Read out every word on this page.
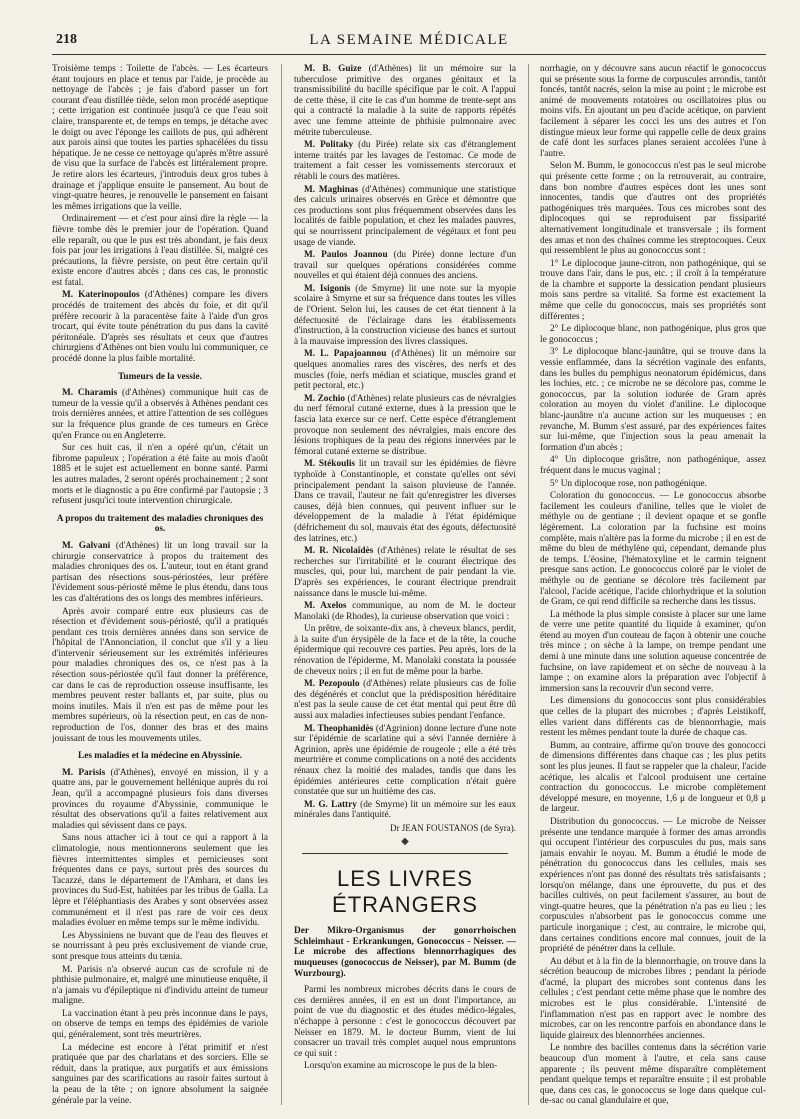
218	LA SEMAINE MÉDICALE

Troisième temps : Toilette de l'abcès. — Les écarteurs étant toujours en place et tenus par l'aide, je procède au nettoyage de l'abcès ; je fais d'abord passer un fort courant d'eau distillée tiède, selon mon procédé aseptique ; cette irrigation est continuée jusqu'à ce que l'eau soit claire, transparente et, de temps en temps, je détache avec le doigt ou avec l'éponge les caillots de pus, qui adhèrent aux parois ainsi que toutes les parties sphacélées du tissu hépatique. Je ne cesse ce nettoyage qu'après m'être assuré de visu que la surface de l'abcès est littéralement propre. Je retire alors les écarteurs, j'introduis deux gros tubes à drainage et j'applique ensuite le pansement. Au bout de vingt-quatre heures, je renouvelle le pansement en faisant les mêmes irrigations que la veille.

Ordinairement — et c'est pour ainsi dire la règle — la fièvre tombe dès le premier jour de l'opération. Quand elle reparaît, ou que le pus est très abondant, je fais deux fois par jour les irrigations à l'eau distillée. Si, malgré ces précautions, la fièvre persiste, on peut être certain qu'il existe encore d'autres abcès ; dans ces cas, le pronostic est fatal.

M. Katerinopoulos (d'Athènes) compare les divers procédés de traitement des abcès du foie, et dit qu'il préfère recourir à la paracentèse faite à l'aide d'un gros trocart, qui évite toute pénétration du pus dans la cavité péritonéale. D'après ses résultats et ceux que d'autres chirurgiens d'Athènes ont bien voulu lui communiquer, ce procédé donne la plus faible mortalité.

Tumeurs de la vessie.

M. Charamis (d'Athènes) communique huit cas de tumeur de la vessie qu'il a observés à Athènes pendant ces trois dernières années, et attire l'attention de ses collègues sur la fréquence plus grande de ces tumeurs en Grèce qu'en France ou en Angleterre.

Sur ces huit cas, il n'en a opéré qu'un, c'était un fibrome papuleux ; l'opération a été faite au mois d'août 1885 et le sujet est actuellement en bonne santé. Parmi les autres malades, 2 seront opérés prochainement ; 2 sont morts et le diagnostic a pu être confirmé par l'autopsie ; 3 refusent jusqu'ici toute intervention chirurgicale.

A propos du traitement des maladies chroniques des os.

M. Galvani (d'Athènes) lit un long travail sur la chirurgie conservatrice à propos du traitement des maladies chroniques des os. L'auteur, tout en étant grand partisan des résections sous-périostées, leur préfère l'évidement sous-périosté même le plus étendu, dans tous les cas d'altérations des os longs des membres inférieurs.

Après avoir comparé entre eux plusieurs cas de résection et d'évidement sous-périosté, qu'il a pratiqués pendant ces trois dernières années dans son service de l'hôpital de l'Annonciation, il conclut que s'il y a lieu d'intervenir sérieusement sur les extrémités inférieures pour maladies chroniques des os, ce n'est pas à la résection sous-périostée qu'il faut donner la préférence, car dans le cas de reproduction osseuse insuffisante, les membres peuvent rester ballants et, par suite, plus ou moins inutiles. Mais il n'en est pas de même pour les membres supérieurs, où la résection peut, en cas de non-reproduction de l'os, donner des bras et des mains jouissant de tous les mouvements utiles.

Les maladies et la médecine en Abyssinie.

M. Parisis (d'Athènes), envoyé en mission, il y a quatre ans, par le gouvernement hellénique auprès du roi Jean, qu'il a accompagné plusieurs fois dans diverses provinces du royaume d'Abyssinie, communique le résultat des observations qu'il a faites relativement aux maladies qui sévissent dans ce pays.

Sans nous attacher ici à tout ce qui a rapport à la climatologie, nous mentionnerons seulement que les fièvres intermittentes simples et pernicieuses sont fréquentes dans ce pays, surtout près des sources du Tacazzé, dans le département de l'Amhara, et dans les provinces du Sud-Est, habitées par les tribus de Galla. La lèpre et l'éléphantiasis des Arabes y sont observées assez communément et il n'est pas rare de voir ces deux maladies évoluer en même temps sur le même individu.

Les Abyssiniens ne buvant que de l'eau des fleuves et se nourrissant à peu près exclusivement de viande crue, sont presque tous atteints du tænia.

M. Parisis n'a observé aucun cas de scrofule ni de phthisie pulmonaire, et, malgré une minutieuse enquête, il n'a jamais vu d'épileptique ni d'individu atteint de tumeur maligne.

La vaccination étant à peu près inconnue dans le pays, on observe de temps en temps des épidémies de variole qui, généralement, sont très meurtrières.

La médecine est encore à l'état primitif et n'est pratiquée que par des charlatans et des sorciers. Elle se réduit, dans la pratique, aux purgatifs et aux émissions sanguines par des scarifications au rasoir faites surtout à la peau de la tête ; on ignore absolument la saignée générale par la veine.

M. B. Guize (d'Athènes) lit un mémoire sur la tuberculose primitive des organes génitaux et la transmissibilité du bacille spécifique par le coït. A l'appui de cette thèse, il cite le cas d'un homme de trente-sept ans qui a contracté la maladie à la suite de rapports répétés avec une femme atteinte de phthisie pulmonaire avec métrite tuberculeuse.

M. Politaky (du Pirée) relate six cas d'étranglement interne traités par les lavages de l'estomac. Ce mode de traitement a fait cesser les vomissements stercoraux et rétabli le cours des matières.

M. Maghinas (d'Athènes) communique une statistique des calculs urinaires observés en Grèce et démontre que ces productions sont plus fréquemment observées dans les localités de faible population, et chez les malades pauvres, qui se nourrissent principalement de végétaux et font peu usage de viande.

M. Paulos Joannou (du Pirée) donne lecture d'un travail sur quelques opérations considérées comme nouvelles et qui étaient déjà connues des anciens.

M. Isigonis (de Smyrne) lit une note sur la myopie scolaire à Smyrne et sur sa fréquence dans toutes les villes de l'Orient. Selon lui, les causes de cet état tiennent à la défectuosité de l'éclairage dans les établissements d'instruction, à la construction vicieuse des bancs et surtout à la mauvaise impression des livres classiques.

M. L. Papajoannou (d'Athènes) lit un mémoire sur quelques anomalies rares des viscères, des nerfs et des muscles (foie, nerfs médian et sciatique, muscles grand et petit pectoral, etc.)

M. Zochio (d'Athènes) relate plusieurs cas de névralgies du nerf fémoral cutané externe, dues à la pression que le fascia lata exerce sur ce nerf. Cette espèce d'étranglement provoque non seulement des névralgies, mais encore des lésions trophiques de la peau des régions innervées par le fémoral cutané externe se distribue.

M. Stékoulis lit un travail sur les épidémies de fièvre typhoïde à Constantinople, et constate qu'elles ont sévi principalement pendant la saison pluvieuse de l'année. Dans ce travail, l'auteur ne fait qu'enregistrer les diverses causes, déjà bien connues, qui peuvent influer sur le développement de la maladie à l'état épidémique (défrichement du sol, mauvais état des égouts, défectuosité des latrines, etc.)

M. R. Nicolaïdès (d'Athènes) relate le résultat de ses recherches sur l'irritabilité et le courant électrique des muscles, qui, pour lui, marchent de pair pendant la vie. D'après ses expériences, le courant électrique prendrait naissance dans le muscle lui-même.

M. Axelos communique, au nom de M. le docteur Manolaki (de Rhodes), la curieuse observation que voici :

Un prêtre, de soixante-dix ans, à cheveux blancs, perdit, à la suite d'un érysipèle de la face et de la tête, la couche épidermique qui recouvre ces parties. Peu après, lors de la rénovation de l'épiderme, M. Manolaki constata la poussée de cheveux noirs ; il en fut de même pour la barbe.

M. Pezopoulo (d'Athènes) relate plusieurs cas de folie des dégénérés et conclut que la prédisposition héréditaire n'est pas la seule cause de cet état mental qui peut être dû aussi aux maladies infectieuses subies pendant l'enfance.

M. Theophanidès (d'Agrinion) donne lecture d'une note sur l'épidémie de scarlatine qui a sévi l'année dernière à Agrinion, après une épidémie de rougeole ; elle a été très meurtrière et comme complications on a noté des accidents rénaux chez la moitié des malades, tandis que dans les épidémies antérieures cette complication n'était guère constatée que sur un huitième des cas.

M. G. Lattry (de Smyrne) lit un mémoire sur les eaux minérales dans l'antiquité.

Dr JEAN FOUSTANOS (de Syra).
◆
LES LIVRES ÉTRANGERS

Der Mikro-Organismus der gonorrhoischen Schleimhaut - Erkrankungen, Gonococcus - Neisser. — Le microbe des affections blennorrhagiques des muqueuses (gonococcus de Neisser), par M. Bumm (de Wurzbourg).

Parmi les nombreux microbes décrits dans le cours de ces dernières années, il en est un dont l'importance, au point de vue du diagnostic et des études médico-légales, n'échappe à personne : c'est le gonococcus découvert par Neisser en 1879. M. le docteur Bumm, vient de lui consacrer un travail très complet auquel nous empruntons ce qui suit :

Lorsqu'on examine au microscope le pus de la blen-

norrhagie, on y découvre sans aucun réactif le gonococcus qui se présente sous la forme de corpuscules arrondis, tantôt foncés, tantôt nacrés, selon la mise au point ; le microbe est animé de mouvements rotatoires ou oscillatoires plus ou moins vifs. En ajoutant un peu d'acide acétique, on parvient facilement à séparer les cocci les uns des autres et l'on distingue mieux leur forme qui rappelle celle de deux grains de café dont les surfaces planes seraient accolées l'une à l'autre.

Selon M. Bumm, le gonococcus n'est pas le seul microbe qui présente cette forme ; on la retrouverait, au contraire, dans bon nombre d'autres espèces dont les unes sont innocentes, tandis que d'autres ont des propriétés pathogéniques très marquées. Tous ces microbes sont des diplocoques qui se reproduisent par fissiparité alternativement longitudinale et transversale ; ils forment des amas et non des chaînes comme les streptocoques. Ceux qui ressemblent le plus au gonococcus sont :

1° Le diplocoque jaune-citron, non pathogénique, qui se trouve dans l'air, dans le pus, etc. ; il croît à la température de la chambre et supporte la dessication pendant plusieurs mois sans perdre sa vitalité. Sa forme est exactement la même que celle du gonococcus, mais ses propriétés sont différentes ;

2° Le diplocoque blanc, non pathogénique, plus gros que le gonococcus ;

3° Le diplocoque blanc-jaunâtre, qui se trouve dans la vessie enflammée, dans la sécrétion vaginale des enfants, dans les bulles du pemphigus neonatorum épidémicus, dans les lochies, etc. ; ce microbe ne se décolore pas, comme le gonococcus, par la solution iodurée de Gram après coloration au moyen du violet d'aniline. Le diplocoque blanc-jaunâtre n'a aucune action sur les muqueuses ; en revanche, M. Bumm s'est assuré, par des expériences faites sur lui-même, que l'injection sous la peau amenait la formation d'un abcès ;

4° Un diplocoque grisâtre, non pathogénique, assez fréquent dans le mucus vaginal ;

5° Un diplocoque rose, non pathogénique.

Coloration du gonococcus. — Le gonococcus absorbe facilement les couleurs d'aniline, telles que le violet de méthyle ou de gentiane ; il devient opaque et se gonfle légèrement. La coloration par la fuchsine est moins complète, mais n'altère pas la forme du microbe ; il en est de même du bleu de méthylène qui, cependant, demande plus de temps. L'éosine, l'hématoxyline et le carmin teignent presque sans action. Le gonococcus coloré par le violet de méthyle ou de gentiane se décolore très facilement par l'alcool, l'acide acétique, l'acide chlorhydrique et la solution de Gram, ce qui rend difficile sa recherche dans les tissus.

La méthode la plus simple consiste à placer sur une lame de verre une petite quantité du liquide à examiner, qu'on étend au moyen d'un couteau de façon à obtenir une couche très mince ; on sèche à la lampe, on trempe pendant une demi à une minute dans une solution aqueuse concentrée de fuchsine, on lave rapidement et on sèche de nouveau à la lampe ; on examine alors la préparation avec l'objectif à immersion sans la recouvrir d'un second verre.

Les dimensions du gonococcus sont plus considérables que celles de la plupart des microbes ; d'après Leistikoff, elles varient dans différents cas de blennorrhagie, mais restent les mêmes pendant toute la durée de chaque cas.

Bumm, au contraire, affirme qu'on trouve des gonococci de dimensions différentes dans chaque cas ; les plus petits sont les plus jeunes. Il faut se rappeler que la chaleur, l'acide acétique, les alcalis et l'alcool produisent une certaine contraction du gonococcus. Le microbe complètement développé mesure, en moyenne, 1,6 μ de longueur et 0,8 μ de largeur.

Distribution du gonococcus. — Le microbe de Neisser présente une tendance marquée à former des amas arrondis qui occupent l'intérieur des corpuscules du pus, mais sans jamais envahir le noyau. M. Bumm a étudié le mode de pénétration du gonococcus dans les cellules, mais ses expériences n'ont pas donné des résultats très satisfaisants ; lorsqu'on mélange, dans une éprouvette, du pus et des bacilles cultivés, on peut facilement s'assurer, au bout de vingt-quatre heures, que la pénétration n'a pas eu lieu ; les corpuscules n'absorbent pas le gonococcus comme une particule inorganique ; c'est, au contraire, le microbe qui, dans certaines conditions encore mal connues, jouit de la propriété de pénétrer dans la cellule.

Au début et à la fin de la blennorrhagie, on trouve dans la sécrétion beaucoup de microbes libres ; pendant la période d'acmé, la plupart des microbes sont contenus dans les cellules ; c'est pendant cette même phase que le nombre des microbes est le plus considérable. L'intensité de l'inflammation n'est pas en rapport avec le nombre des microbes, car on les rencontre parfois en abondance dans le liquide glaireux des blennorrhées anciennes.

Le nombre des bacilles contenus dans la sécrétion varie beaucoup d'un moment à l'autre, et cela sans cause apparente ; ils peuvent même disparaître complètement pendant quelque temps et reparaître ensuite ; il est probable que, dans ces cas, le gonococcus se loge dans quelque cul-de-sac ou canal glandulaire et que,
